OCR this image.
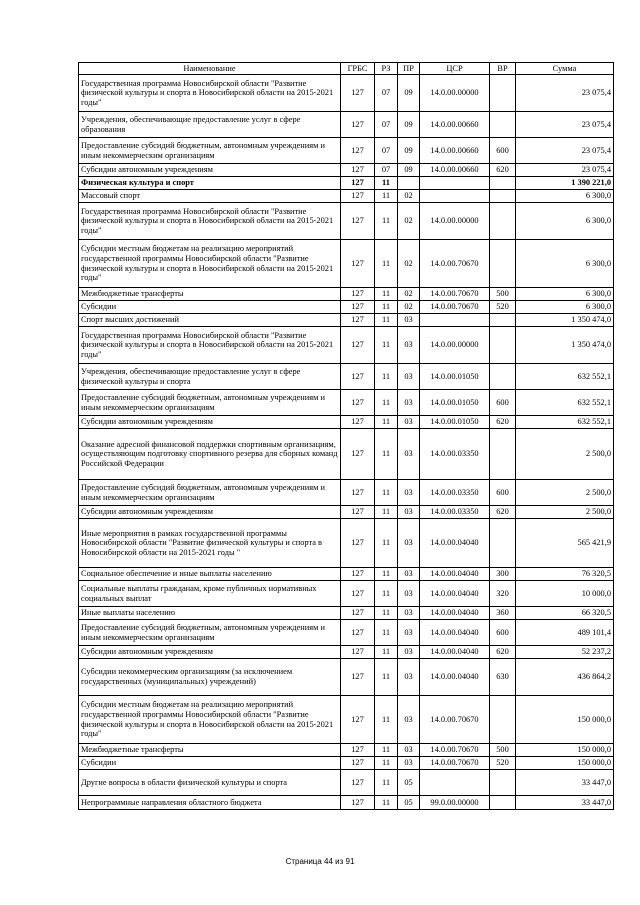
Наименование	ГРБС	РЗ	ПР	ЦСР	ВР	Сумма
Государственная программа Новосибирской области "Развитие физической культуры и спорта в Новосибирской области на 2015-2021 годы"	127	07	09	14.0.00.00000		23 075,4
Учреждения, обеспечивающие предоставление услуг в сфере образования	127	07	09	14.0.00.00660		23 075,4
Предоставление субсидий бюджетным, автономным учреждениям и иным некоммерческим организациям	127	07	09	14.0.00.00660	600	23 075,4
Субсидии автономным учреждениям	127	07	09	14.0.00.00660	620	23 075,4
Физическая культура и спорт	127	11				1 390 221,0
Массовый спорт	127	11	02			6 300,0
Государственная программа Новосибирской области "Развитие физической культуры и спорта в Новосибирской области на 2015-2021 годы"	127	11	02	14.0.00.00000		6 300,0
Субсидии местным бюджетам на реализацию мероприятий государственной программы Новосибирской области "Развитие физической культуры и спорта в Новосибирской области на 2015-2021 годы"	127	11	02	14.0.00.70670		6 300,0
Межбюджетные трансферты	127	11	02	14.0.00.70670	500	6 300,0
Субсидии	127	11	02	14.0.00.70670	520	6 300,0
Спорт высших достижений	127	11	03			1 350 474,0
Государственная программа Новосибирской области "Развитие физической культуры и спорта в Новосибирской области на 2015-2021 годы"	127	11	03	14.0.00.00000		1 350 474,0
Учреждения, обеспечивающие предоставление услуг в сфере физической культуры и спорта	127	11	03	14.0.00.01050		632 552,1
Предоставление субсидий бюджетным, автономным учреждениям и иным некоммерческим организациям	127	11	03	14.0.00.01050	600	632 552,1
Субсидии автономным учреждениям	127	11	03	14.0.00.01050	620	632 552,1
Оказание адресной финансовой поддержки спортивным организациям, осуществляющим подготовку спортивного резерва для сборных команд Российской Федерации	127	11	03	14.0.00.03350		2 500,0
Предоставление субсидий бюджетным, автономным учреждениям и иным некоммерческим организациям	127	11	03	14.0.00.03350	600	2 500,0
Субсидии автономным учреждениям	127	11	03	14.0.00.03350	620	2 500,0
Иные мероприятия в рамках государственной программы Новосибирской области "Развитие физической культуры и спорта в Новосибирской области на 2015-2021 годы "	127	11	03	14.0.00.04040		565 421,9
Социальное обеспечение и иные выплаты населению	127	11	03	14.0.00.04040	300	76 320,5
Социальные выплаты гражданам, кроме публичных нормативных социальных выплат	127	11	03	14.0.00.04040	320	10 000,0
Иные выплаты населению	127	11	03	14.0.00.04040	360	66 320,5
Предоставление субсидий бюджетным, автономным учреждениям и иным некоммерческим организациям	127	11	03	14.0.00.04040	600	489 101,4
Субсидии автономным учреждениям	127	11	03	14.0.00.04040	620	52 237,2
Субсидии некоммерческим организациям (за исключением государственных (муниципальных) учреждений)	127	11	03	14.0.00.04040	630	436 864,2
Субсидии местным бюджетам на реализацию мероприятий государственной программы Новосибирской области "Развитие физической культуры и спорта в Новосибирской области на 2015-2021 годы"	127	11	03	14.0.00.70670		150 000,0
Межбюджетные трансферты	127	11	03	14.0.00.70670	500	150 000,0
Субсидии	127	11	03	14.0.00.70670	520	150 000,0
Другие вопросы в области физической культуры и спорта	127	11	05			33 447,0
Непрограммные направления областного бюджета	127	11	05	99.0.00.00000		33 447,0
Страница 44 из 91
